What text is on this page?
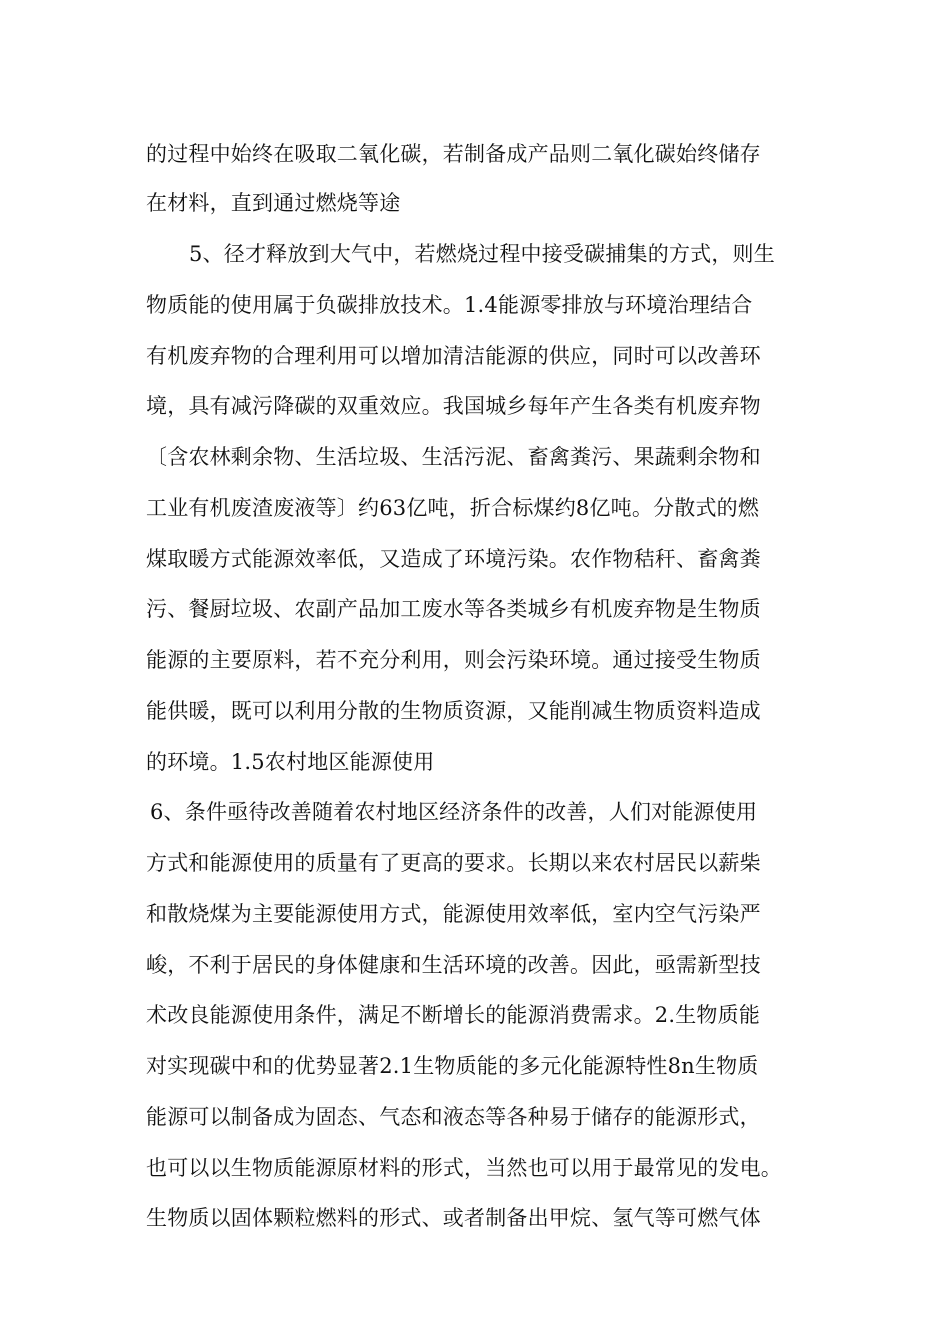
的过程中始终在吸取二氧化碳，若制备成产品则二氧化碳始终储存
在材料，直到通过燃烧等途
5、径才释放到大气中，若燃烧过程中接受碳捕集的方式，则生
物质能的使用属于负碳排放技术。1.4能源零排放与环境治理结合
有机废弃物的合理利用可以增加清洁能源的供应，同时可以改善环
境，具有减污降碳的双重效应。我国城乡每年产生各类有机废弃物
〔含农林剩余物、生活垃圾、生活污泥、畜禽粪污、果蔬剩余物和
工业有机废渣废液等〕约63亿吨，折合标煤约8亿吨。分散式的燃
煤取暖方式能源效率低，又造成了环境污染。农作物秸秆、畜禽粪
污、餐厨垃圾、农副产品加工废水等各类城乡有机废弃物是生物质
能源的主要原料，若不充分利用，则会污染环境。通过接受生物质
能供暖，既可以利用分散的生物质资源，又能削减生物质资料造成
的环境。1.5农村地区能源使用
6、条件亟待改善随着农村地区经济条件的改善，人们对能源使用
方式和能源使用的质量有了更高的要求。长期以来农村居民以薪柴
和散烧煤为主要能源使用方式，能源使用效率低，室内空气污染严
峻，不利于居民的身体健康和生活环境的改善。因此，亟需新型技
术改良能源使用条件，满足不断增长的能源消费需求。2.生物质能
对实现碳中和的优势显著2.1生物质能的多元化能源特性8n生物质
能源可以制备成为固态、气态和液态等各种易于储存的能源形式，
也可以以生物质能源原材料的形式，当然也可以用于最常见的发电。
生物质以固体颗粒燃料的形式、或者制备出甲烷、氢气等可燃气体
